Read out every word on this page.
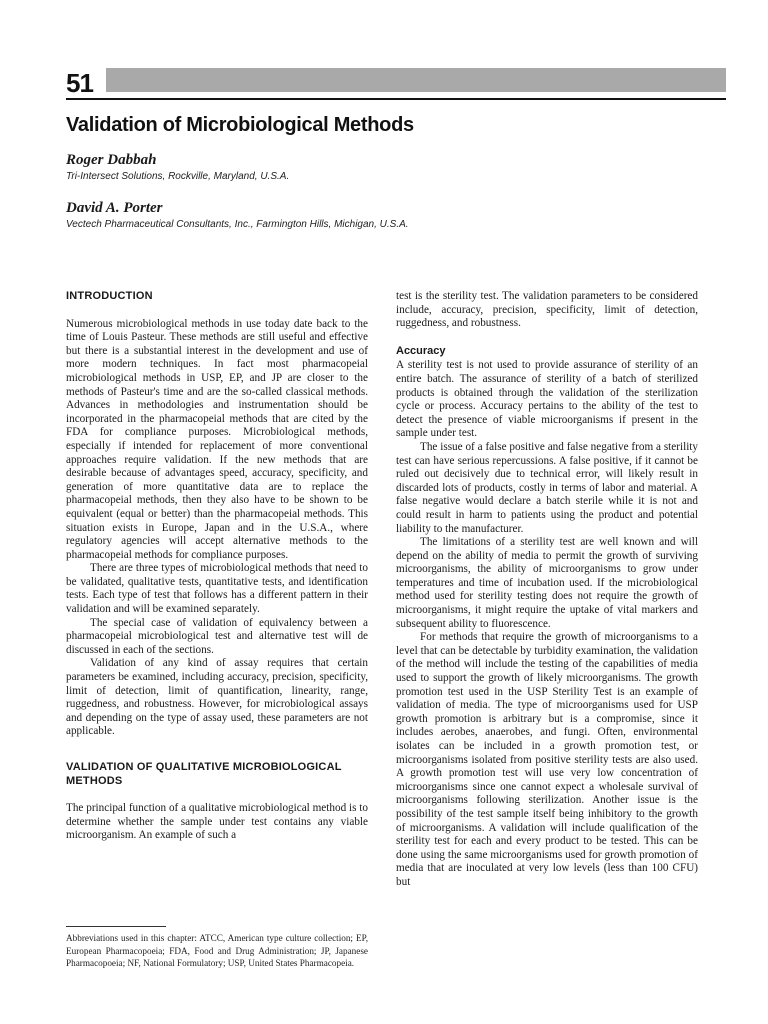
51
Validation of Microbiological Methods

Roger Dabbah

Tri-Intersect Solutions, Rockville, Maryland, U.S.A.

David A. Porter

Vectech Pharmaceutical Consultants, Inc., Farmington Hills, Michigan, U.S.A.

INTRODUCTION

Numerous microbiological methods in use today date back to the time of Louis Pasteur. These methods are still useful and effective but there is a substantial interest in the development and use of more modern techniques. In fact most pharmacopeial microbiological methods in USP, EP, and JP are closer to the methods of Pasteur's time and are the so-called classical methods. Advances in methodologies and instrumentation should be incorporated in the pharmacopeial methods that are cited by the FDA for compliance purposes. Microbiological methods, especially if intended for replacement of more conventional approaches require validation. If the new methods that are desirable because of advantages speed, accuracy, specificity, and generation of more quantitative data are to replace the pharmacopeial methods, then they also have to be shown to be equivalent (equal or better) than the pharmacopeial methods. This situation exists in Europe, Japan and in the U.S.A., where regulatory agencies will accept alternative methods to the pharmacopeial methods for compliance purposes.

There are three types of microbiological methods that need to be validated, qualitative tests, quantitative tests, and identification tests. Each type of test that follows has a different pattern in their validation and will be examined separately.

The special case of validation of equivalency between a pharmacopeial microbiological test and alternative test will de discussed in each of the sections.

Validation of any kind of assay requires that certain parameters be examined, including accuracy, precision, specificity, limit of detection, limit of quantification, linearity, range, ruggedness, and robustness. However, for microbiological assays and depending on the type of assay used, these parameters are not applicable.

VALIDATION OF QUALITATIVE MICROBIOLOGICAL METHODS

The principal function of a qualitative microbiological method is to determine whether the sample under test contains any viable microorganism. An example of such a

test is the sterility test. The validation parameters to be considered include, accuracy, precision, specificity, limit of detection, ruggedness, and robustness.

Accuracy

A sterility test is not used to provide assurance of sterility of an entire batch. The assurance of sterility of a batch of sterilized products is obtained through the validation of the sterilization cycle or process. Accuracy pertains to the ability of the test to detect the presence of viable microorganisms if present in the sample under test.

The issue of a false positive and false negative from a sterility test can have serious repercussions. A false positive, if it cannot be ruled out decisively due to technical error, will likely result in discarded lots of products, costly in terms of labor and material. A false negative would declare a batch sterile while it is not and could result in harm to patients using the product and potential liability to the manufacturer.

The limitations of a sterility test are well known and will depend on the ability of media to permit the growth of surviving microorganisms, the ability of microorganisms to grow under temperatures and time of incubation used. If the microbiological method used for sterility testing does not require the growth of microorganisms, it might require the uptake of vital markers and subsequent ability to fluorescence.

For methods that require the growth of microorganisms to a level that can be detectable by turbidity examination, the validation of the method will include the testing of the capabilities of media used to support the growth of likely microorganisms. The growth promotion test used in the USP Sterility Test is an example of validation of media. The type of microorganisms used for USP growth promotion is arbitrary but is a compromise, since it includes aerobes, anaerobes, and fungi. Often, environmental isolates can be included in a growth promotion test, or microorganisms isolated from positive sterility tests are also used. A growth promotion test will use very low concentration of microorganisms since one cannot expect a wholesale survival of microorganisms following sterilization. Another issue is the possibility of the test sample itself being inhibitory to the growth of microorganisms. A validation will include qualification of the sterility test for each and every product to be tested. This can be done using the same microorganisms used for growth promotion of media that are inoculated at very low levels (less than 100 CFU) but

Abbreviations used in this chapter: ATCC, American type culture collection; EP, European Pharmacopoeia; FDA, Food and Drug Administration; JP, Japanese Pharmacopoeia; NF, National Formulatory; USP, United States Pharmacopeia.
